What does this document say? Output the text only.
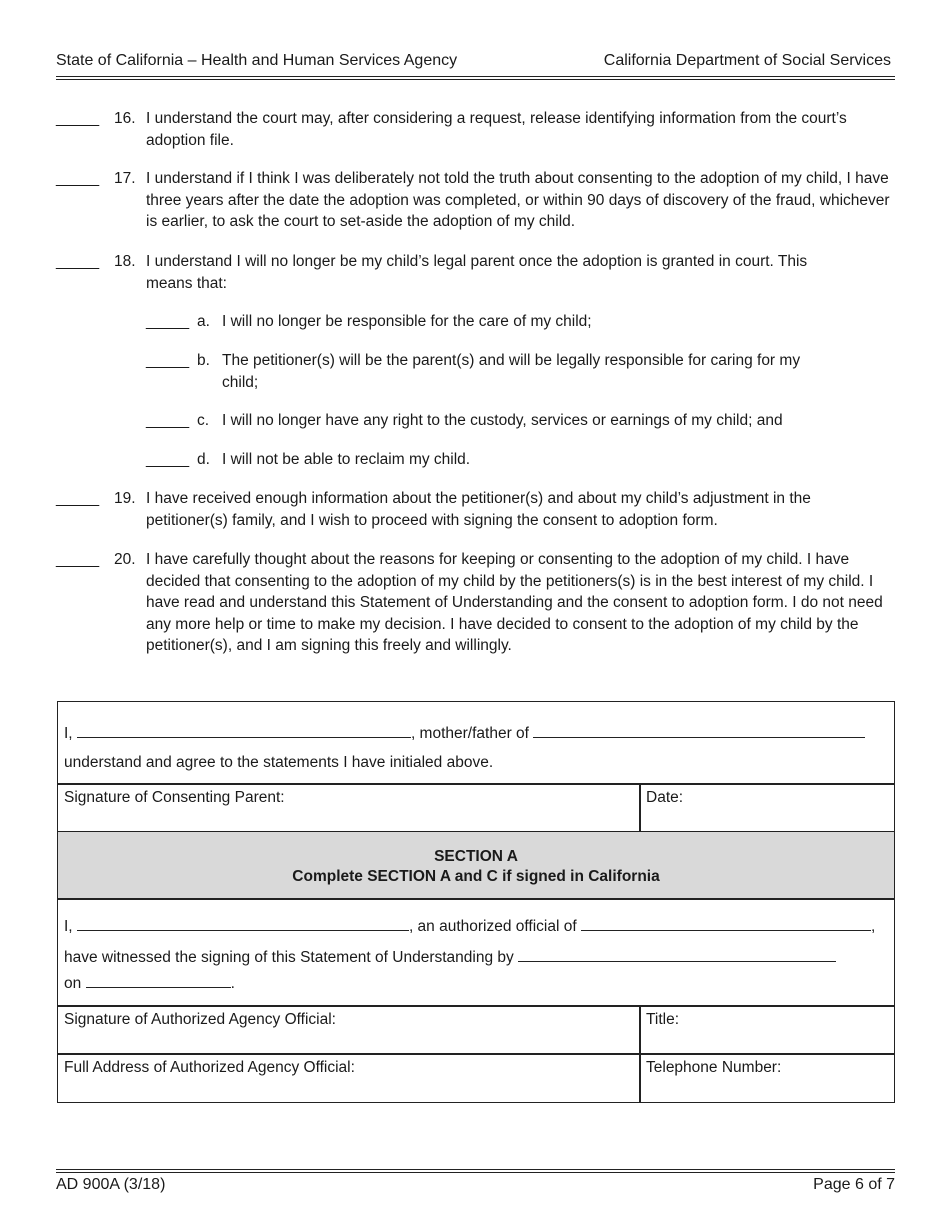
State of California – Health and Human Services Agency	California Department of Social Services
_____ 16. I understand the court may, after considering a request, release identifying information from the court’s adoption file.
_____ 17. I understand if I think I was deliberately not told the truth about consenting to the adoption of my child, I have three years after the date the adoption was completed, or within 90 days of discovery of the fraud, whichever is earlier, to ask the court to set-aside the adoption of my child.
_____ 18. I understand I will no longer be my child’s legal parent once the adoption is granted in court. This means that:
_____ a. I will no longer be responsible for the care of my child;
_____ b. The petitioner(s) will be the parent(s) and will be legally responsible for caring for my child;
_____ c. I will no longer have any right to the custody, services or earnings of my child; and
_____ d. I will not be able to reclaim my child.
_____ 19. I have received enough information about the petitioner(s) and about my child’s adjustment in the petitioner(s) family, and I wish to proceed with signing the consent to adoption form.
_____ 20. I have carefully thought about the reasons for keeping or consenting to the adoption of my child. I have decided that consenting to the adoption of my child by the petitioners(s) is in the best interest of my child. I have read and understand this Statement of Understanding and the consent to adoption form. I do not need any more help or time to make my decision. I have decided to consent to the adoption of my child by the petitioner(s), and I am signing this freely and willingly.
I,	, mother/father of
understand and agree to the statements I have initialed above.
Signature of Consenting Parent:	Date:
SECTION A
Complete SECTION A and C if signed in California
I,	, an authorized official of	,
have witnessed the signing of this Statement of Understanding by
on	.
Signature of Authorized Agency Official:	Title:
Full Address of Authorized Agency Official:	Telephone Number:
AD 900A (3/18)	Page 6 of 7
